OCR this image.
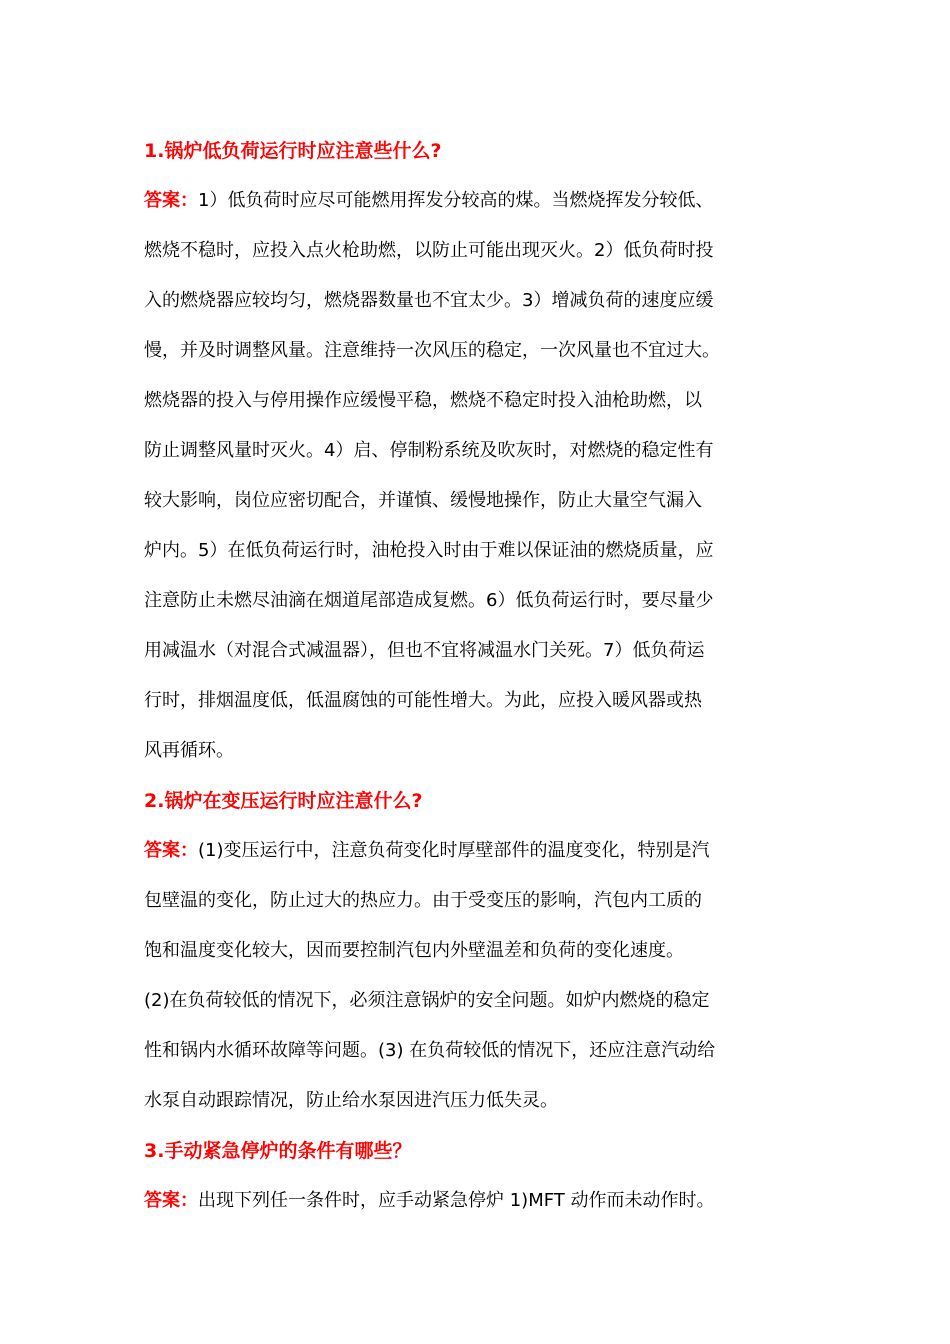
1.锅炉低负荷运行时应注意些什么?

答案：1）低负荷时应尽可能燃用挥发分较高的煤。当燃烧挥发分较低、
燃烧不稳时，应投入点火枪助燃，以防止可能出现灭火。2）低负荷时投
入的燃烧器应较均匀，燃烧器数量也不宜太少。3）增减负荷的速度应缓
慢，并及时调整风量。注意维持一次风压的稳定，一次风量也不宜过大。
燃烧器的投入与停用操作应缓慢平稳，燃烧不稳定时投入油枪助燃，以
防止调整风量时灭火。4）启、停制粉系统及吹灰时，对燃烧的稳定性有
较大影响，岗位应密切配合，并谨慎、缓慢地操作，防止大量空气漏入
炉内。5）在低负荷运行时，油枪投入时由于难以保证油的燃烧质量，应
注意防止未燃尽油滴在烟道尾部造成复燃。6）低负荷运行时，要尽量少
用减温水（对混合式减温器），但也不宜将减温水门关死。7）低负荷运
行时，排烟温度低，低温腐蚀的可能性增大。为此，应投入暖风器或热
风再循环。

2.锅炉在变压运行时应注意什么?

答案：(1)变压运行中，注意负荷变化时厚壁部件的温度变化，特别是汽
包壁温的变化，防止过大的热应力。由于受变压的影响，汽包内工质的
饱和温度变化较大，因而要控制汽包内外壁温差和负荷的变化速度。
(2)在负荷较低的情况下，必须注意锅炉的安全问题。如炉内燃烧的稳定
性和锅内水循环故障等问题。(3) 在负荷较低的情况下，还应注意汽动给
水泵自动跟踪情况，防止给水泵因进汽压力低失灵。

3.手动紧急停炉的条件有哪些？

答案：出现下列任一条件时，应手动紧急停炉 1)MFT 动作而未动作时。
